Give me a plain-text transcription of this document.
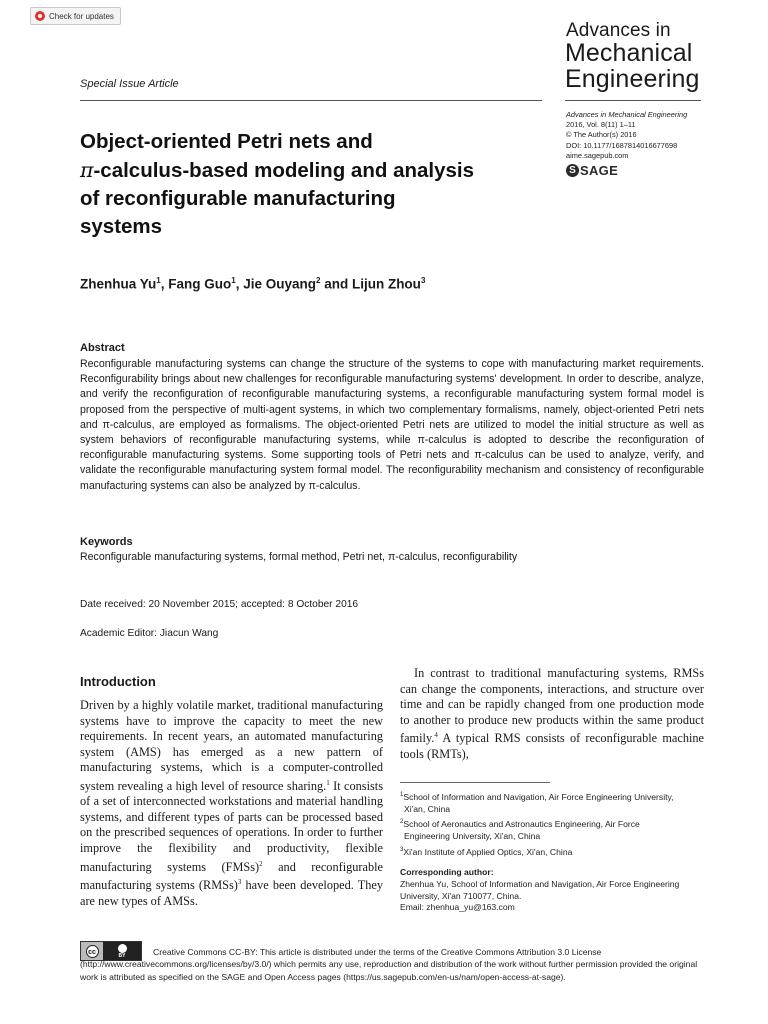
Check for updates
Advances in
Mechanical
Engineering
Special Issue Article
Advances in Mechanical Engineering
2016, Vol. 8(11) 1–11
© The Author(s) 2016
DOI: 10.1177/1687814016677698
aime.sagepub.com
S SAGE
Object-oriented Petri nets and
π-calculus-based modeling and analysis
of reconfigurable manufacturing
systems
Zhenhua Yu$^1$, Fang Guo$^1$, Jie Ouyang$^2$ and Lijun Zhou$^3$
Abstract
Reconfigurable manufacturing systems can change the structure of the systems to cope with manufacturing market requirements. Reconfigurability brings about new challenges for reconfigurable manufacturing systems' development. In order to describe, analyze, and verify the reconfiguration of reconfigurable manufacturing systems, a reconfigurable manufacturing system formal model is proposed from the perspective of multi-agent systems, in which two complementary formalisms, namely, object-oriented Petri nets and π-calculus, are employed as formalisms. The object-oriented Petri nets are utilized to model the initial structure as well as system behaviors of reconfigurable manufacturing systems, while π-calculus is adopted to describe the reconfiguration of reconfigurable manufacturing systems. Some supporting tools of Petri nets and π-calculus can be used to analyze, verify, and validate the reconfigurable manufacturing system formal model. The reconfigurability mechanism and consistency of reconfigurable manufacturing systems can also be analyzed by π-calculus.
Keywords
Reconfigurable manufacturing systems, formal method, Petri net, π-calculus, reconfigurability
Date received: 20 November 2015; accepted: 8 October 2016
Academic Editor: Jiacun Wang
Introduction
Driven by a highly volatile market, traditional manufacturing systems have to improve the capacity to meet the new requirements. In recent years, an automated manufacturing system (AMS) has emerged as a new pattern of manufacturing systems, which is a computer-controlled system revealing a high level of resource sharing.$^1$ It consists of a set of interconnected workstations and material handling systems, and different types of parts can be processed based on the prescribed sequences of operations. In order to further improve the flexibility and productivity, flexible manufacturing systems (FMSs)$^2$ and reconfigurable manufacturing systems (RMSs)$^3$ have been developed. They are new types of AMSs.
In contrast to traditional manufacturing systems, RMSs can change the components, interactions, and structure over time and can be rapidly changed from one production mode to another to produce new products within the same product family.$^4$ A typical RMS consists of reconfigurable machine tools (RMTs),
$^1$School of Information and Navigation, Air Force Engineering University,
Xi'an, China
$^2$School of Aeronautics and Astronautics Engineering, Air Force
Engineering University, Xi'an, China
$^3$Xi'an Institute of Applied Optics, Xi'an, China
Corresponding author:
Zhenhua Yu, School of Information and Navigation, Air Force Engineering
University, Xi'an 710077, China.
Email: zhenhua_yu@163.com
cc	BY	Creative Commons CC-BY: This article is distributed under the terms of the Creative Commons Attribution 3.0 License (http://www.creativecommons.org/licenses/by/3.0/) which permits any use, reproduction and distribution of the work without further permission provided the original work is attributed as specified on the SAGE and Open Access pages (https://us.sagepub.com/en-us/nam/open-access-at-sage).
